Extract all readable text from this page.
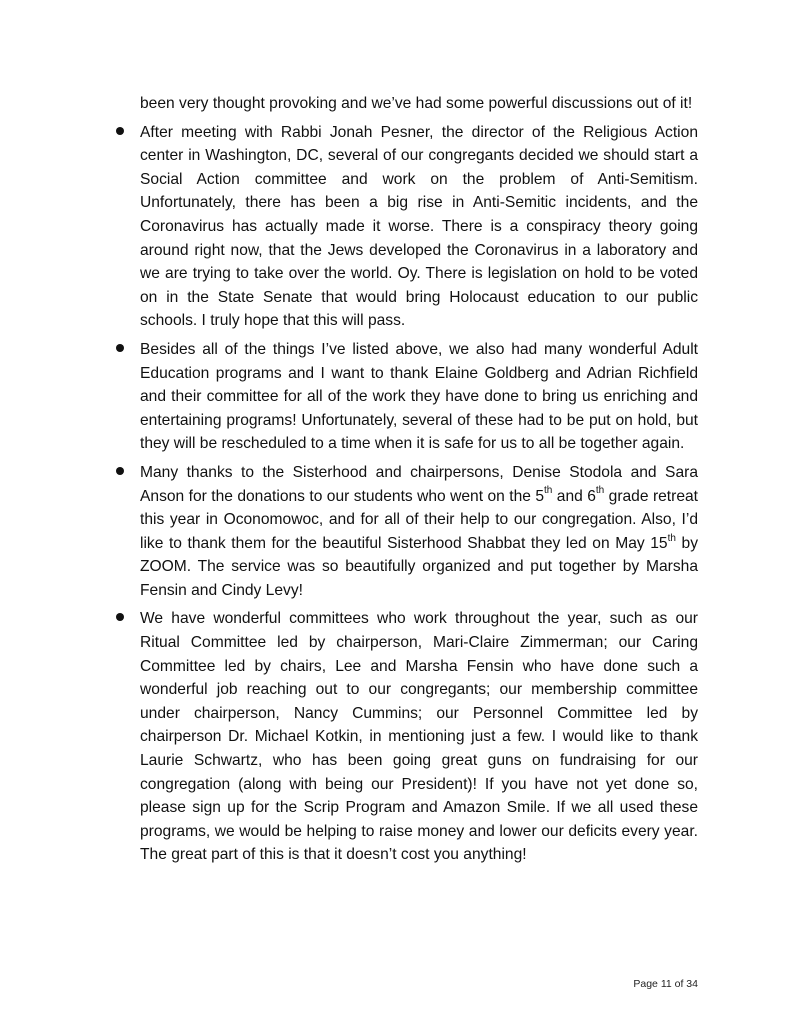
been very thought provoking and we’ve had some powerful discussions out of it!

After meeting with Rabbi Jonah Pesner, the director of the Religious Action center in Washington, DC, several of our congregants decided we should start a Social Action committee and work on the problem of Anti-Semitism. Unfortunately, there has been a big rise in Anti-Semitic incidents, and the Coronavirus has actually made it worse. There is a conspiracy theory going around right now, that the Jews developed the Coronavirus in a laboratory and we are trying to take over the world. Oy. There is legislation on hold to be voted on in the State Senate that would bring Holocaust education to our public schools. I truly hope that this will pass.
Besides all of the things I’ve listed above, we also had many wonderful Adult Education programs and I want to thank Elaine Goldberg and Adrian Richfield and their committee for all of the work they have done to bring us enriching and entertaining programs! Unfortunately, several of these had to be put on hold, but they will be rescheduled to a time when it is safe for us to all be together again.
Many thanks to the Sisterhood and chairpersons, Denise Stodola and Sara Anson for the donations to our students who went on the 5th and 6th grade retreat this year in Oconomowoc, and for all of their help to our congregation. Also, I’d like to thank them for the beautiful Sisterhood Shabbat they led on May 15th by ZOOM. The service was so beautifully organized and put together by Marsha Fensin and Cindy Levy!
We have wonderful committees who work throughout the year, such as our Ritual Committee led by chairperson, Mari-Claire Zimmerman; our Caring Committee led by chairs, Lee and Marsha Fensin who have done such a wonderful job reaching out to our congregants; our membership committee under chairperson, Nancy Cummins; our Personnel Committee led by chairperson Dr. Michael Kotkin, in mentioning just a few. I would like to thank Laurie Schwartz, who has been going great guns on fundraising for our congregation (along with being our President)! If you have not yet done so, please sign up for the Scrip Program and Amazon Smile. If we all used these programs, we would be helping to raise money and lower our deficits every year. The great part of this is that it doesn’t cost you anything!
Page 11 of 34
